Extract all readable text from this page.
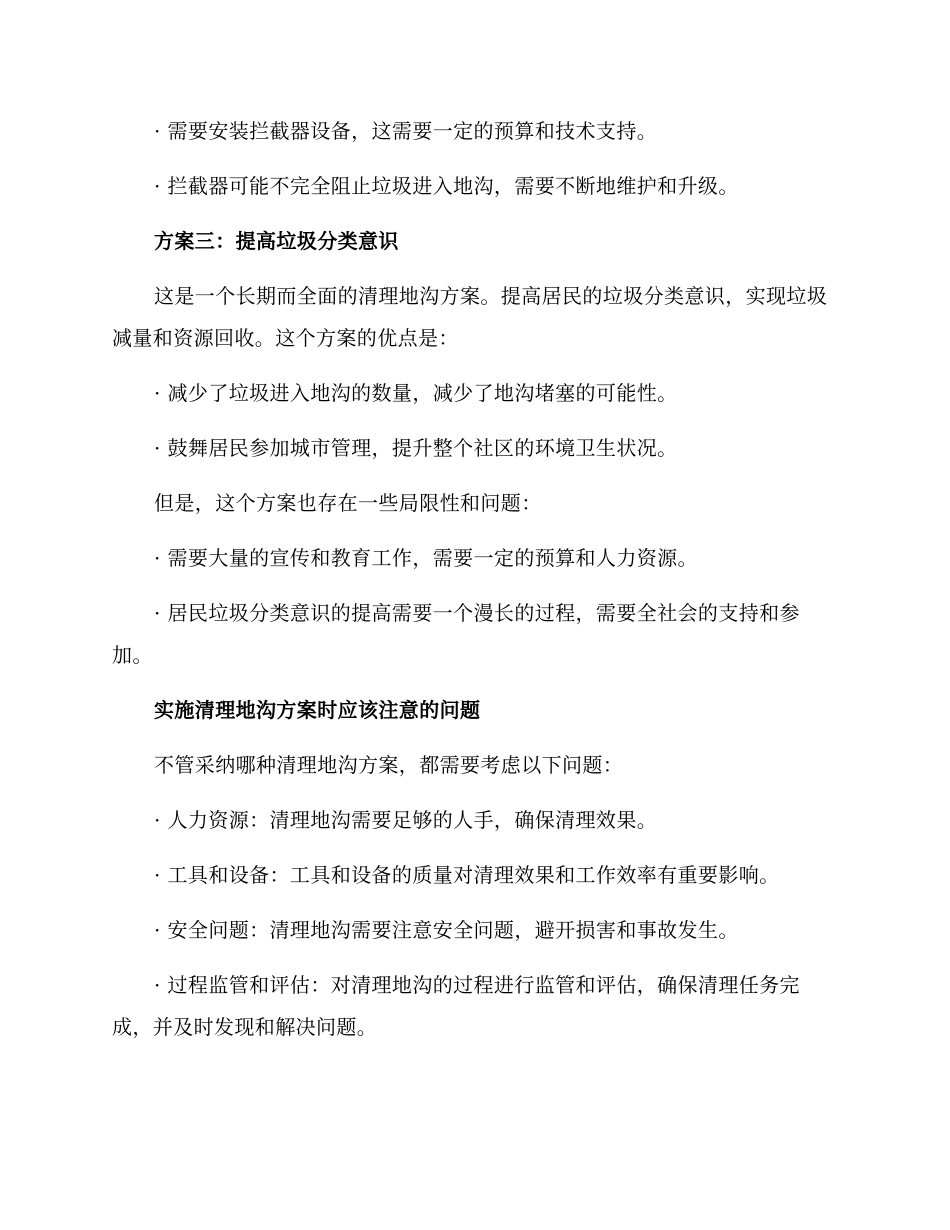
· 需要安装拦截器设备，这需要一定的预算和技术支持。

· 拦截器可能不完全阻止垃圾进入地沟，需要不断地维护和升级。

方案三：提高垃圾分类意识

这是一个长期而全面的清理地沟方案。提高居民的垃圾分类意识，实现垃圾减量和资源回收。这个方案的优点是：

· 减少了垃圾进入地沟的数量，减少了地沟堵塞的可能性。

· 鼓舞居民参加城市管理，提升整个社区的环境卫生状况。

但是，这个方案也存在一些局限性和问题：

· 需要大量的宣传和教育工作，需要一定的预算和人力资源。

· 居民垃圾分类意识的提高需要一个漫长的过程，需要全社会的支持和参加。

实施清理地沟方案时应该注意的问题

不管采纳哪种清理地沟方案，都需要考虑以下问题：

· 人力资源：清理地沟需要足够的人手，确保清理效果。

· 工具和设备：工具和设备的质量对清理效果和工作效率有重要影响。

· 安全问题：清理地沟需要注意安全问题，避开损害和事故发生。

· 过程监管和评估：对清理地沟的过程进行监管和评估，确保清理任务完成，并及时发现和解决问题。
